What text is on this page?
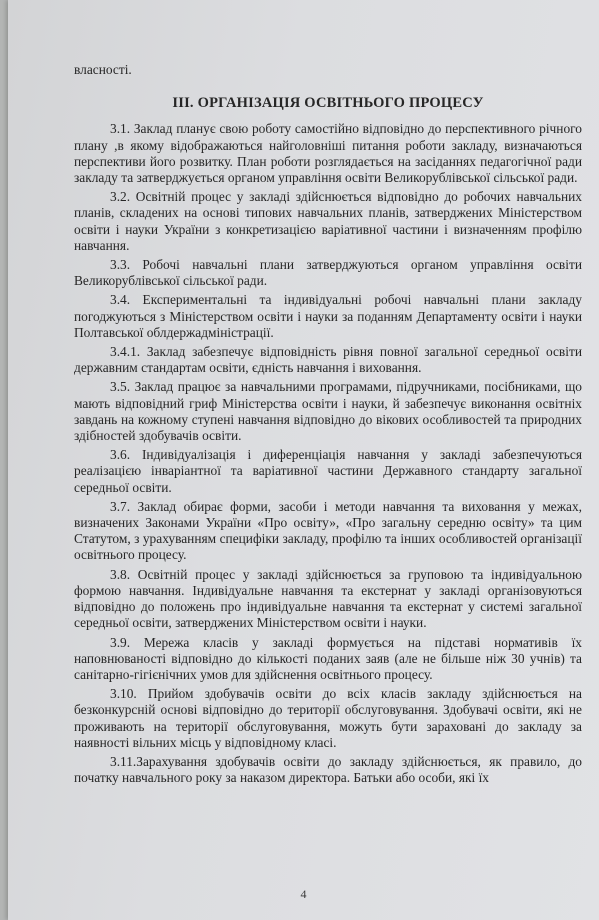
власності.

ІІІ. ОРГАНІЗАЦІЯ ОСВІТНЬОГО ПРОЦЕСУ

3.1. Заклад планує свою роботу самостійно відповідно до перспективного річного плану ,в якому відображаються найголовніші питання роботи закладу, визначаються перспективи його розвитку. План роботи розглядається на засіданнях педагогічної ради закладу та затверджується органом управління освіти Великорублівської сільської ради.

3.2. Освітній процес у закладі здійснюється відповідно до робочих навчальних планів, складених на основі типових навчальних планів, затверджених Міністерством освіти і науки України з конкретизацією варіативної частини і визначенням профілю навчання.

3.3. Робочі навчальні плани затверджуються органом управління освіти Великорублівської сільської ради.

3.4. Експериментальні та індивідуальні робочі навчальні плани закладу погоджуються з Міністерством освіти і науки за поданням Департаменту освіти і науки Полтавської облдержадміністрації.

3.4.1. Заклад забезпечує відповідність рівня повної загальної середньої освіти державним стандартам освіти, єдність навчання і виховання.

3.5. Заклад працює за навчальними програмами, підручниками, посібниками, що мають відповідний гриф Міністерства освіти і науки, й забезпечує виконання освітніх завдань на кожному ступені навчання відповідно до вікових особливостей та природних здібностей здобувачів освіти.

3.6. Індивідуалізація і диференціація навчання у закладі забезпечуються реалізацією інваріантної та варіативної частини Державного стандарту загальної середньої освіти.

3.7. Заклад обирає форми, засоби і методи навчання та виховання у межах, визначених Законами України «Про освіту», «Про загальну середню освіту» та цим Статутом, з урахуванням специфіки закладу, профілю та інших особливостей організації освітнього процесу.

3.8. Освітній процес у закладі здійснюється за груповою та індивідуальною формою навчання. Індивідуальне навчання та екстернат у закладі організовуються відповідно до положень про індивідуальне навчання та екстернат у системі загальної середньої освіти, затверджених Міністерством освіти і науки.

3.9. Мережа класів у закладі формується на підставі нормативів їх наповнюваності відповідно до кількості поданих заяв (але не більше ніж 30 учнів) та санітарно-гігієнічних умов для здійснення освітнього процесу.

3.10. Прийом здобувачів освіти до всіх класів закладу здійснюється на безконкурсній основі відповідно до території обслуговування. Здобувачі освіти, які не проживають на території обслуговування, можуть бути зараховані до закладу за наявності вільних місць у відповідному класі.

3.11.Зарахування здобувачів освіти до закладу здійснюється, як правило, до початку навчального року за наказом директора. Батьки або особи, які їх

4
